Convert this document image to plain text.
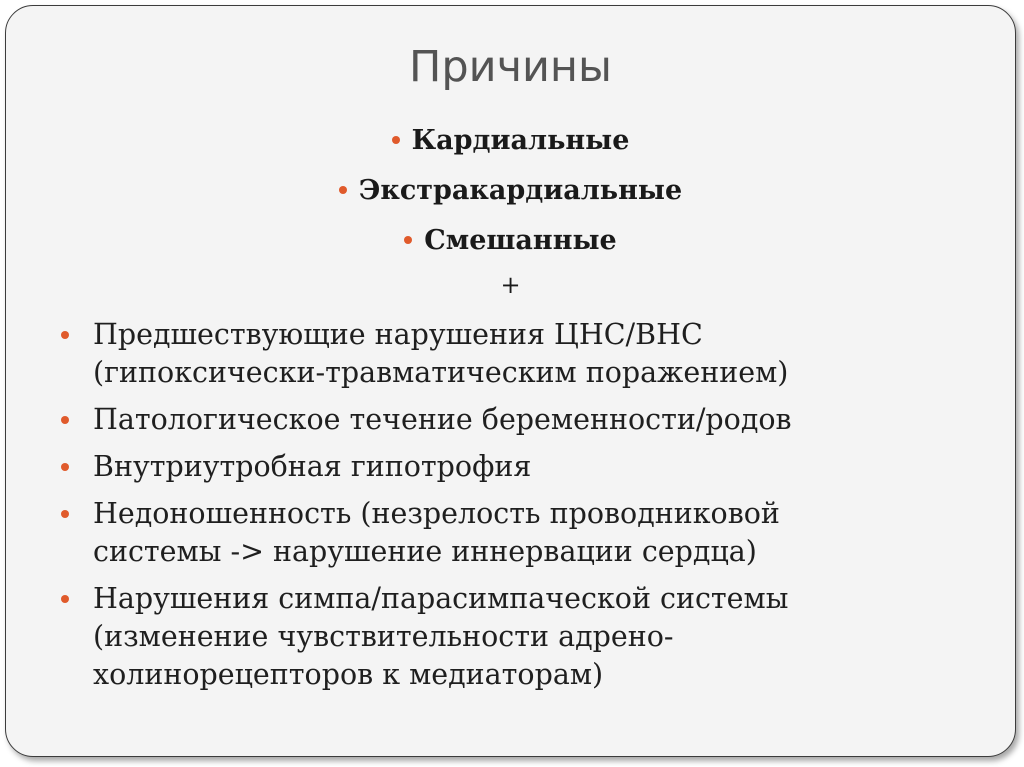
Причины
Кардиальные
Экстракардиальные
Смешанные
+
Предшествующие нарушения ЦНС/ВНС
(гипоксически-травматическим поражением)
Патологическое течение беременности/родов
Внутриутробная гипотрофия
Недоношенность (незрелость проводниковой
системы -> нарушение иннервации сердца)
Нарушения симпа/парасимпаческой системы
(изменение чувствительности адрено-
холинорецепторов к медиаторам)
